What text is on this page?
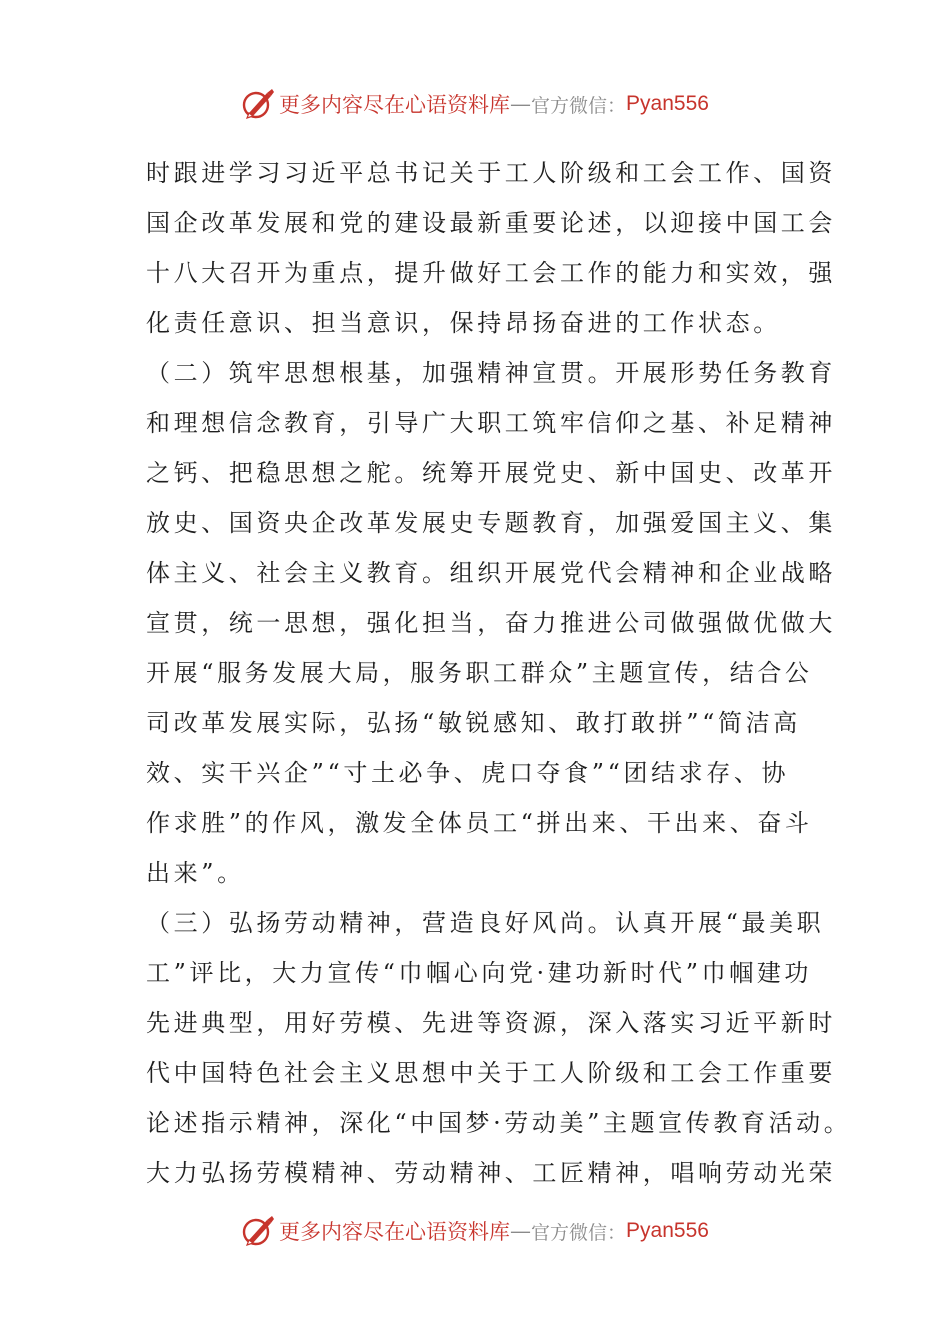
更多内容尽在心语资料库 — 官方微信： Pyan556
时跟进学习习近平总书记关于工人阶级和工会工作、国资
国企改革发展和党的建设最新重要论述，以迎接中国工会
十八大召开为重点，提升做好工会工作的能力和实效，强
化责任意识、担当意识，保持昂扬奋进的工作状态。
（二）筑牢思想根基，加强精神宣贯。开展形势任务教育
和理想信念教育，引导广大职工筑牢信仰之基、补足精神
之钙、把稳思想之舵。统筹开展党史、新中国史、改革开
放史、国资央企改革发展史专题教育，加强爱国主义、集
体主义、社会主义教育。组织开展党代会精神和企业战略
宣贯，统一思想，强化担当，奋力推进公司做强做优做大
开展“服务发展大局，服务职工群众”主题宣传，结合公
司改革发展实际，弘扬“敏锐感知、敢打敢拼”“简洁高
效、实干兴企”“寸土必争、虎口夺食”“团结求存、协
作求胜”的作风，激发全体员工“拼出来、干出来、奋斗
出来”。
（三）弘扬劳动精神，营造良好风尚。认真开展“最美职
工”评比，大力宣传“巾帼心向党·建功新时代”巾帼建功
先进典型，用好劳模、先进等资源，深入落实习近平新时
代中国特色社会主义思想中关于工人阶级和工会工作重要
论述指示精神，深化“中国梦·劳动美”主题宣传教育活动。
大力弘扬劳模精神、劳动精神、工匠精神，唱响劳动光荣
更多内容尽在心语资料库 — 官方微信： Pyan556
